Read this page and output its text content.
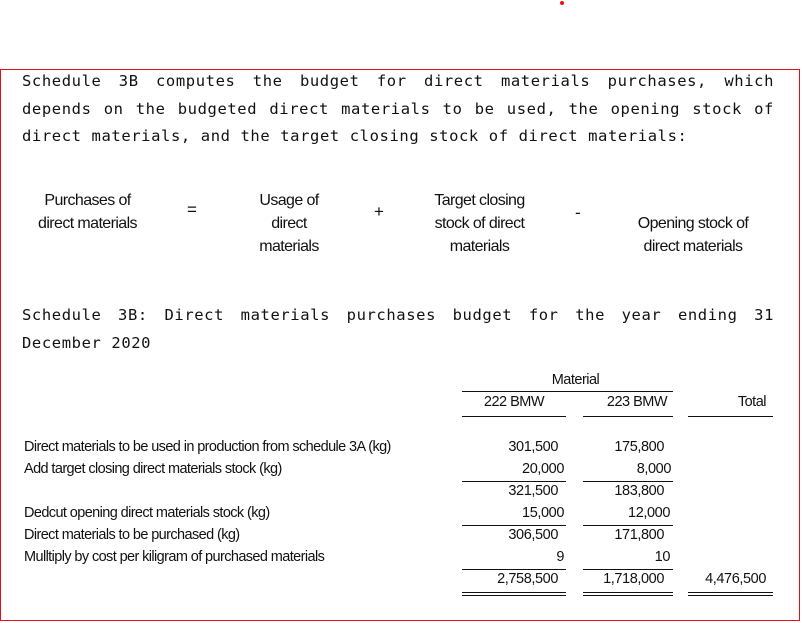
Schedule 3B computes the budget for direct materials purchases, which depends on the budgeted direct materials to be used, the opening stock of direct materials, and the target closing stock of direct materials:
Purchases of direct materials
=	Usage of direct materials
+
Target closing stock of direct materials
-
Opening stock of direct materials
Schedule 3B: Direct materials purchases budget for the year ending 31 December 2020
Material
222 BMW	223 BMW	Total
Direct materials to be used in production from schedule 3A (kg)	301,500	175,800
Add target closing direct materials stock (kg)	20,000	8,000
321,500	183,800
Dedcut opening direct materials stock (kg)	15,000	12,000
Direct materials to be purchased (kg)	306,500	171,800
Mulltiply by cost per kiligram of purchased materials	9	10
2,758,500	1,718,000	4,476,500
